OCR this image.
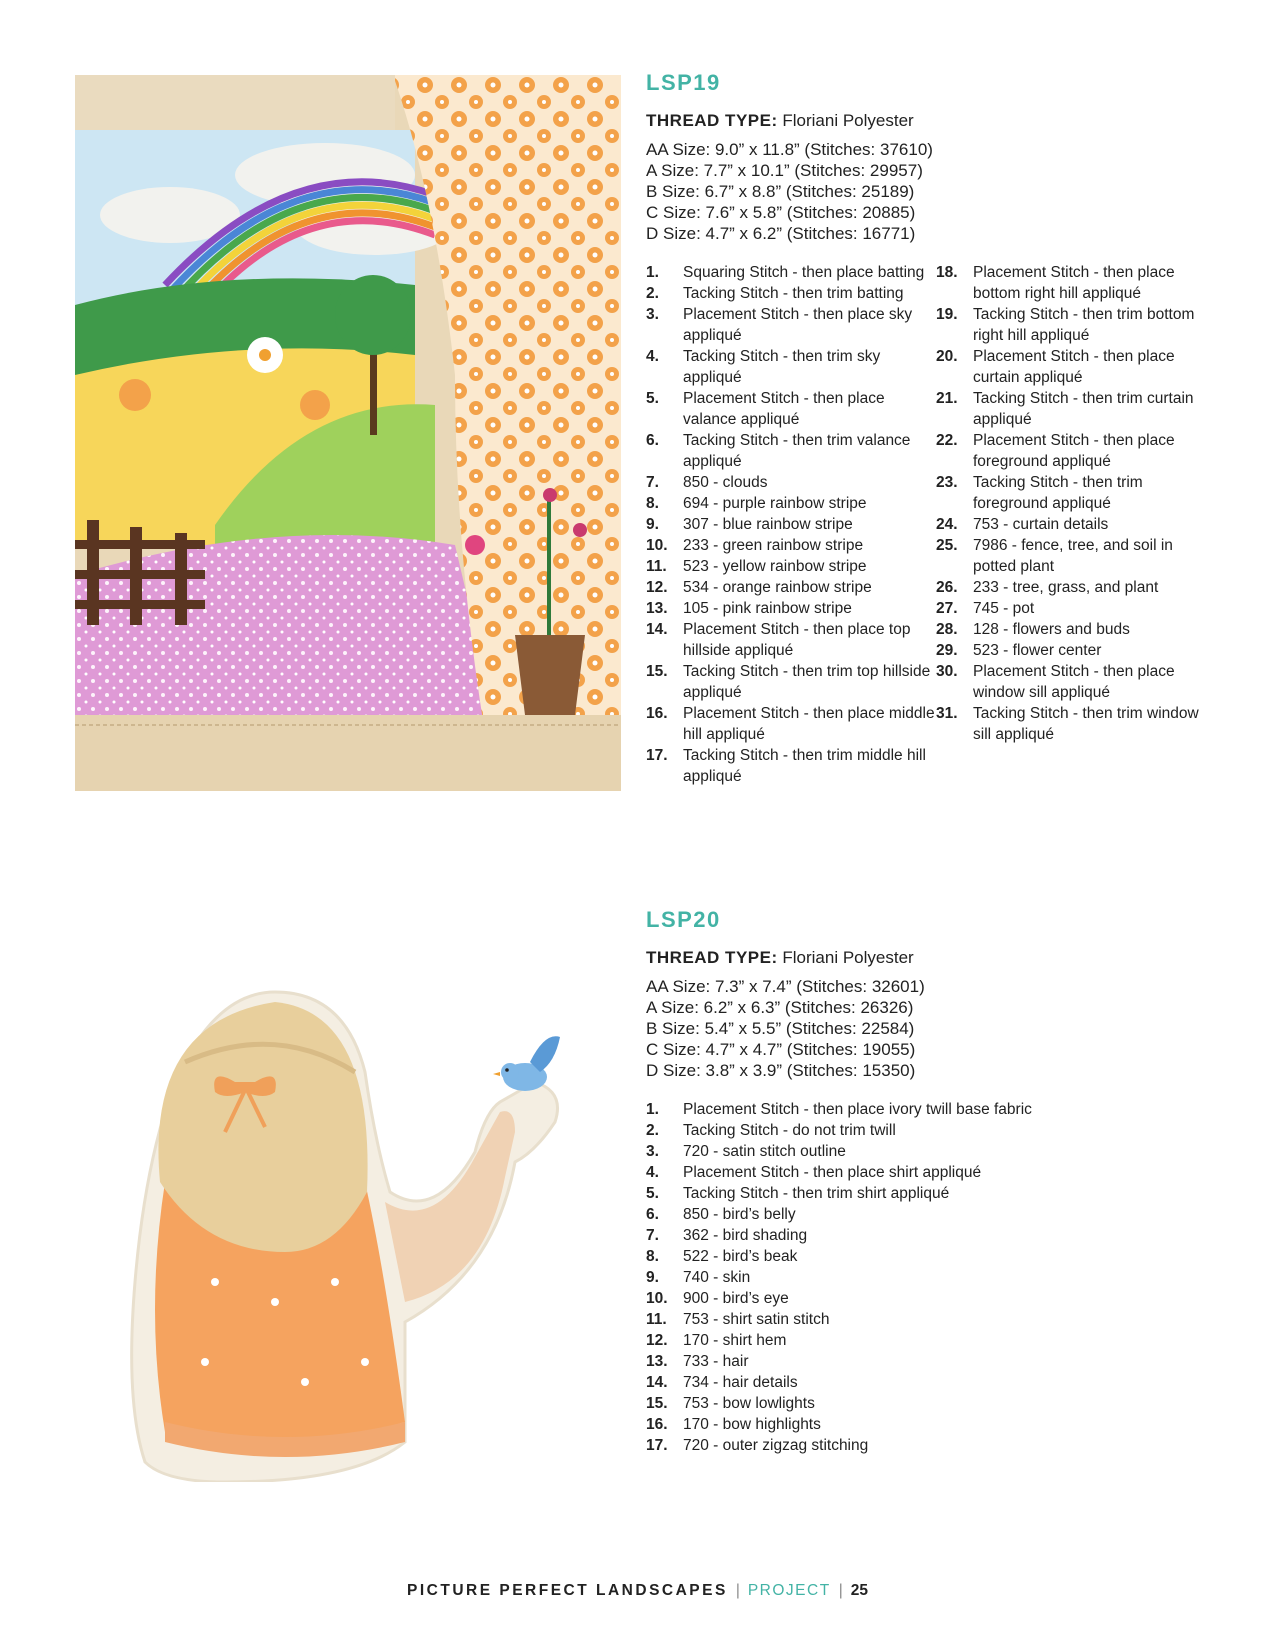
LSP19
THREAD TYPE: Floriani Polyester
AA Size: 9.0” x 11.8” (Stitches: 37610)
A Size: 7.7” x 10.1” (Stitches: 29957)
B Size: 6.7” x 8.8” (Stitches: 25189)
C Size: 7.6” x 5.8” (Stitches: 20885)
D Size: 4.7” x 6.2” (Stitches: 16771)
1.	Squaring Stitch - then place batting
2.	Tacking Stitch - then trim batting
3.	Placement Stitch - then place sky appliqué
4.	Tacking Stitch - then trim sky appliqué
5.	Placement Stitch - then place valance appliqué
6.	Tacking Stitch - then trim valance appliqué
7.	850 - clouds
8.	694 - purple rainbow stripe
9.	307 - blue rainbow stripe
10. 233 - green rainbow stripe
11.	523 - yellow rainbow stripe
12. 534 - orange rainbow stripe
13. 105 - pink rainbow stripe
14. Placement Stitch - then place top hillside appliqué
15. Tacking Stitch - then trim top hillside appliqué
16. Placement Stitch - then place middle hill appliqué
17. Tacking Stitch - then trim middle hill appliqué
18. Placement Stitch - then place bottom right hill appliqué
19. Tacking Stitch - then trim bottom right hill appliqué
20. Placement Stitch - then place curtain appliqué
21. Tacking Stitch - then trim curtain appliqué
22. Placement Stitch - then place foreground appliqué
23. Tacking Stitch - then trim foreground appliqué
24. 753 - curtain details
25. 7986 - fence, tree, and soil in potted plant
26. 233 - tree, grass, and plant
27. 745 - pot
28. 128 - flowers and buds
29. 523 - flower center
30. Placement Stitch - then place window sill appliqué
31. Tacking Stitch - then trim window sill appliqué
LSP20
THREAD TYPE: Floriani Polyester
AA Size: 7.3” x 7.4” (Stitches: 32601)
A Size: 6.2” x 6.3” (Stitches: 26326)
B Size: 5.4” x 5.5” (Stitches: 22584)
C Size: 4.7” x 4.7” (Stitches: 19055)
D Size: 3.8” x 3.9” (Stitches: 15350)
1.	Placement Stitch - then place ivory twill base fabric
2.	Tacking Stitch - do not trim twill
3.	720 - satin stitch outline
4.	Placement Stitch - then place shirt appliqué
5.	Tacking Stitch - then trim shirt appliqué
6.	850 - bird’s belly
7.	362 - bird shading
8.	522 - bird’s beak
9.	740 - skin
10. 900 - bird’s eye
11.	753 - shirt satin stitch
12. 170 - shirt hem
13. 733 - hair
14. 734 - hair details
15. 753 - bow lowlights
16. 170 - bow highlights
17. 720 - outer zigzag stitching
PICTURE PERFECT LANDSCAPES | PROJECT | 25
